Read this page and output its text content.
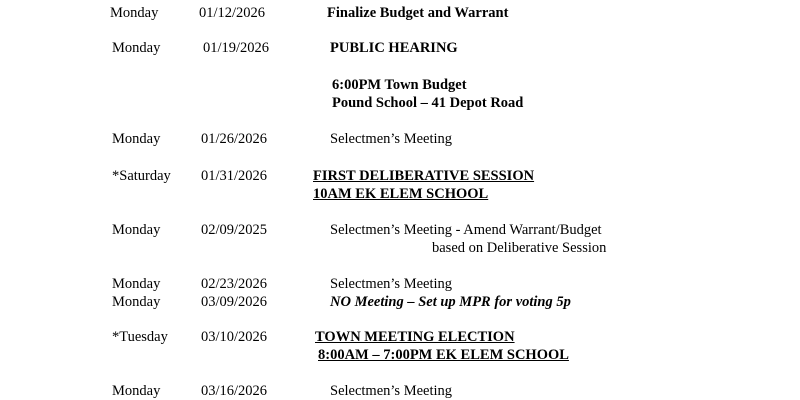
Monday	01/12/2026	Finalize Budget and Warrant
Monday	01/19/2026	PUBLIC HEARING
6:00PM Town Budget
Pound School – 41 Depot Road
Monday	01/26/2026	Selectmen’s Meeting
*Saturday 01/31/2026	FIRST DELIBERATIVE SESSION
10AM EK ELEM SCHOOL
Monday	02/09/2025	Selectmen’s Meeting - Amend Warrant/Budget
based on Deliberative Session
Monday	02/23/2026	Selectmen’s Meeting
Monday	03/09/2026	NO Meeting – Set up MPR for voting 5p
*Tuesday 03/10/2026	TOWN MEETING ELECTION
8:00AM – 7:00PM EK ELEM SCHOOL
Monday	03/16/2026	Selectmen’s Meeting
